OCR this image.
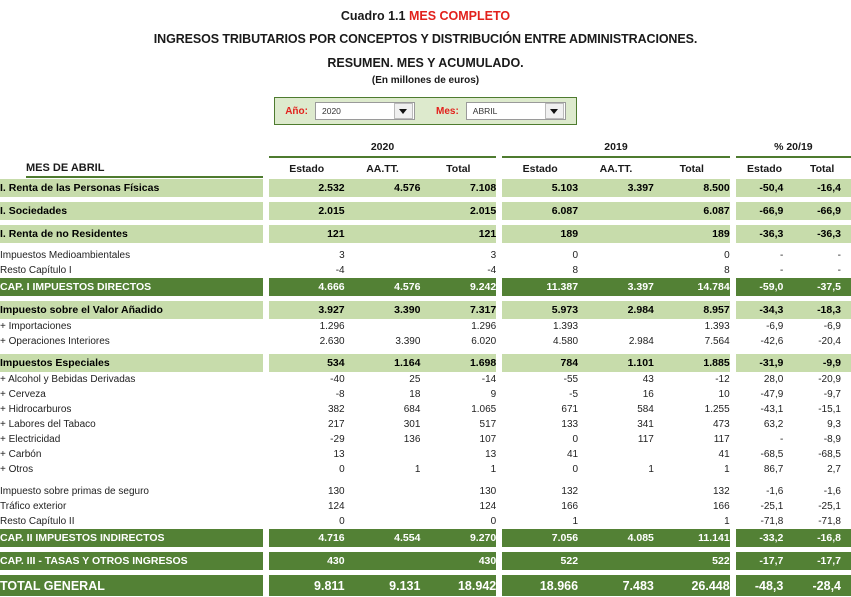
Cuadro 1.1 MES COMPLETO
INGRESOS TRIBUTARIOS POR CONCEPTOS Y DISTRIBUCIÓN ENTRE ADMINISTRACIONES.
RESUMEN. MES Y ACUMULADO.
(En millones de euros)
Año:	2020	Mes:	ABRIL
		2020				2019				% 20/19	

MES DE ABRIL		Estado	AA.TT.	Total		Estado	AA.TT.	Total		Estado	Total
I. Renta de las Personas Físicas		2.532	4.576	7.108		5.103	3.397	8.500		-50,4	-16,4

I. Sociedades		2.015		2.015		6.087		6.087		-66,9	-66,9

I. Renta de no Residentes		121		121		189		189		-36,3	-36,3

Impuestos Medioambientales		3		3		0		0		-	-
Resto Capítulo I		-4		-4		8		8		-	-
CAP. I IMPUESTOS DIRECTOS		4.666	4.576	9.242		11.387	3.397	14.784		-59,0	-37,5

Impuesto sobre el Valor Añadido		3.927	3.390	7.317		5.973	2.984	8.957		-34,3	-18,3
+ Importaciones		1.296		1.296		1.393		1.393		-6,9	-6,9
+ Operaciones Interiores		2.630	3.390	6.020		4.580	2.984	7.564		-42,6	-20,4

Impuestos Especiales		534	1.164	1.698		784	1.101	1.885		-31,9	-9,9
+ Alcohol y Bebidas Derivadas		-40	25	-14		-55	43	-12		28,0	-20,9
+ Cerveza		-8	18	9		-5	16	10		-47,9	-9,7
+ Hidrocarburos		382	684	1.065		671	584	1.255		-43,1	-15,1
+ Labores del Tabaco		217	301	517		133	341	473		63,2	9,3
+ Electricidad		-29	136	107		0	117	117		-	-8,9
+ Carbón		13		13		41		41		-68,5	-68,5
+ Otros		0	1	1		0	1	1		86,7	2,7

Impuesto sobre primas de seguro		130		130		132		132		-1,6	-1,6
Tráfico exterior		124		124		166		166		-25,1	-25,1
Resto Capítulo II		0		0		1		1		-71,8	-71,8
CAP. II IMPUESTOS INDIRECTOS		4.716	4.554	9.270		7.056	4.085	11.141		-33,2	-16,8

CAP. III - TASAS Y OTROS INGRESOS		430		430		522		522		-17,7	-17,7

TOTAL GENERAL		9.811	9.131	18.942		18.966	7.483	26.448		-48,3	-28,4
